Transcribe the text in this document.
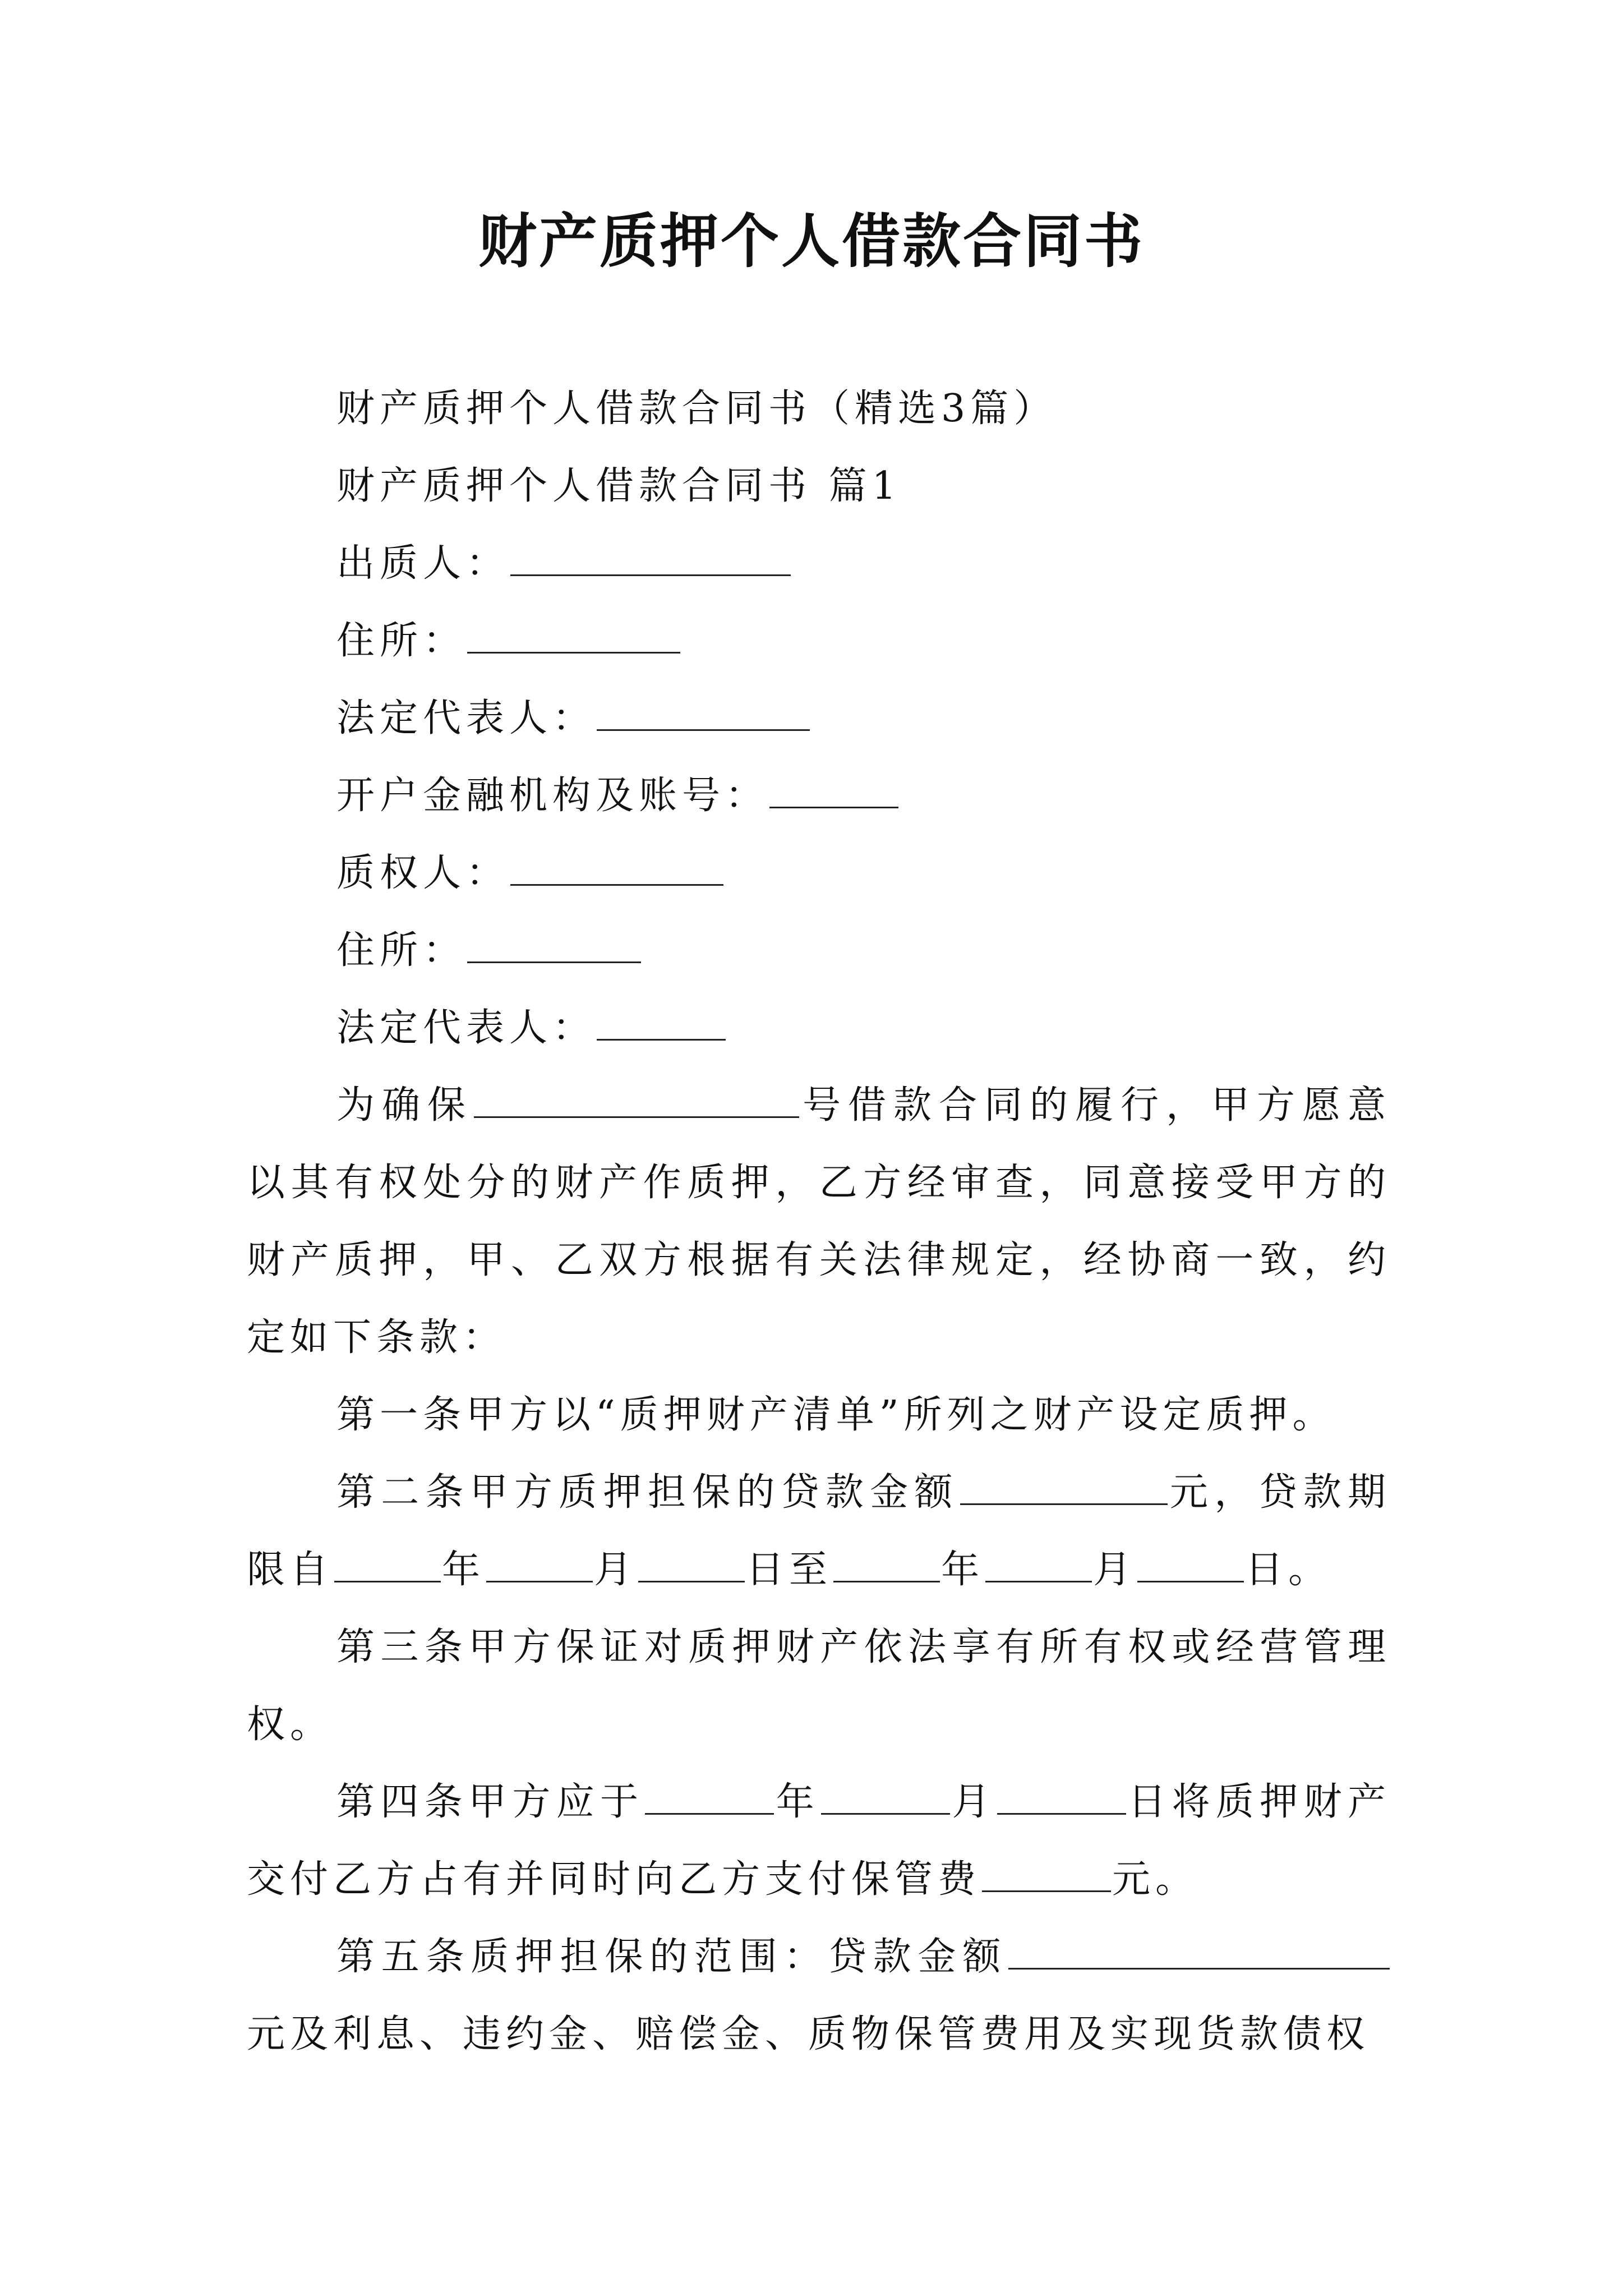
财产质押个人借款合同书

财产质押个人借款合同书（精选3篇）

财产质押个人借款合同书 篇1

出质人：

住所：

法定代表人：

开户金融机构及账号：

质权人：

住所：

法定代表人：

为确保	号借款合同的履行，甲方愿意以其有权处分的财产作质押，乙方经审查，同意接受甲方的财产质押，甲、乙双方根据有关法律规定，经协商一致，约定如下条款：

第一条甲方以“质押财产清单”所列之财产设定质押。

第二条甲方质押担保的贷款金额	元，贷款期限自	年	月	日至	年	月	日。

第三条甲方保证对质押财产依法享有所有权或经营管理权。

第四条甲方应于	年	月	日将质押财产交付乙方占有并同时向乙方支付保管费	元。

第五条质押担保的范围：贷款金额元及利息、违约金、赔偿金、质物保管费用及实现货款债权
